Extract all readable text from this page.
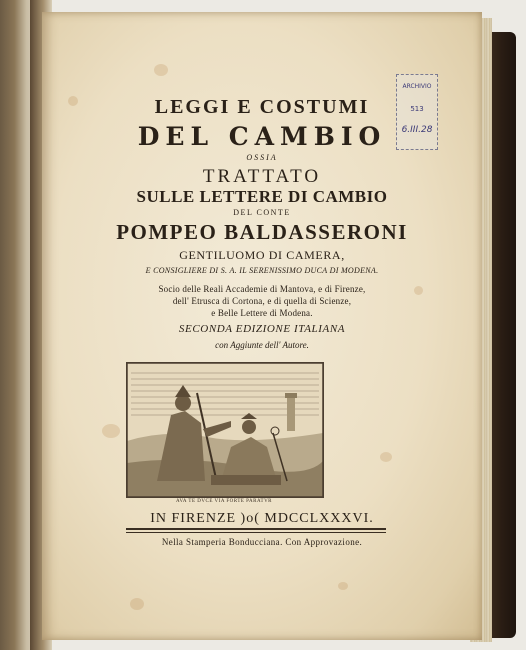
LEGGI E COSTUMI
DEL CAMBIO
OSSIA
TRATTATO
SULLE LETTERE DI CAMBIO
DEL CONTE
POMPEO BALDASSERONI
GENTILUOMO DI CAMERA,
E CONSIGLIERE DI S. A. IL SERENISSIMO DUCA DI MODENA.
Socio delle Reali Accademie di Mantova, e di Firenze,
dell' Etrusca di Cortona, e di quella di Scienze,
e Belle Lettere di Modena.
SECONDA EDIZIONE ITALIANA
con Aggiunte dell' Autore.
AVA TE DVCE VIA FORTE PARATVR
IN FIRENZE )o( MDCCLXXXVI.
Nella Stamperia Bonducciana. Con Approvazione.
ARCHIVIO
513
6.III.28
